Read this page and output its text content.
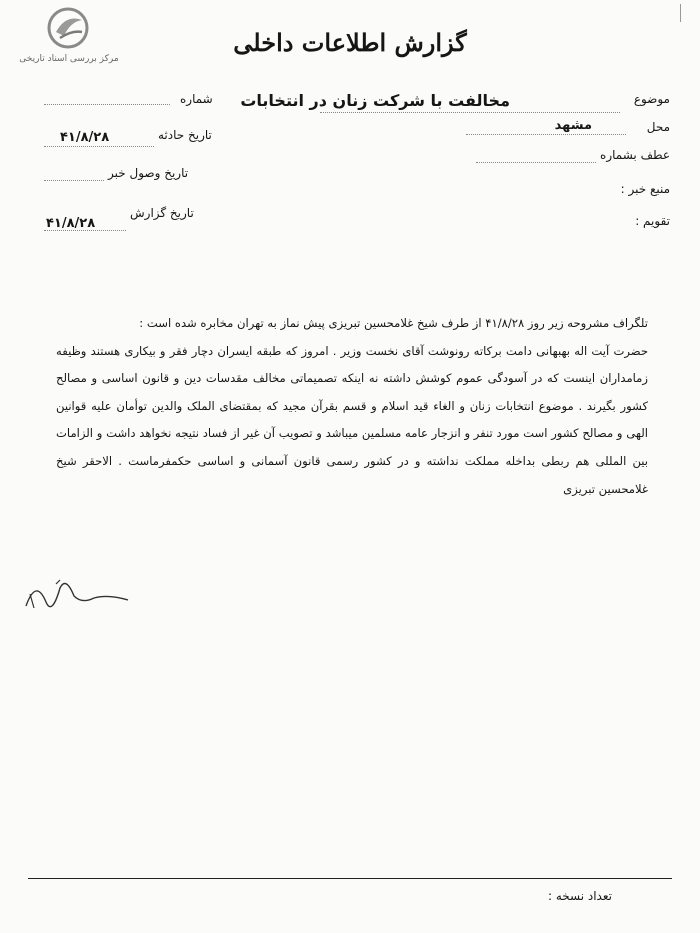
مرکز بررسی اسناد تاریخی
گزارش اطلاعات داخلی
شماره
تاریخ حادثه
۴۱/۸/۲۸
تاریخ وصول خبر
تاریخ گزارش
۴۱/۸/۲۸
موضوع
مخالفت با شرکت زنان در انتخابات
محل
مشهد
عطف بشماره
منبع خبر :
تقویم :

تلگراف مشروحه زیر روز ۴۱/۸/۲۸ از طرف شیخ غلامحسین تبریزی پیش نماز به تهران مخابره شده است :

حضرت آیت اله بهبهانی دامت برکاته رونوشت آقای نخست وزیر . امروز که طبقه ایسران دچار فقر و بیکاری هستند وظیفه زمامداران اینست که در آسودگی عموم کوشش داشته نه اینکه تصمیماتی مخالف مقدسات دین و قانون اساسی و مصالح کشور بگیرند . موضوع انتخابات زنان و الغاء قید اسلام و قسم بقرآن مجید که بمقتضای الملک والدین توأمان علیه قوانین الهی و مصالح کشور است مورد تنفر و انزجار عامه مسلمین میباشد و تصویب آن غیر از فساد نتیجه نخواهد داشت و الزامات بین المللی هم ربطی بداخله مملکت نداشته و در کشور رسمی قانون آسمانی و اساسی حکمفرماست . الاحقر شیخ غلامحسین تبریزی

تعداد نسخه :
